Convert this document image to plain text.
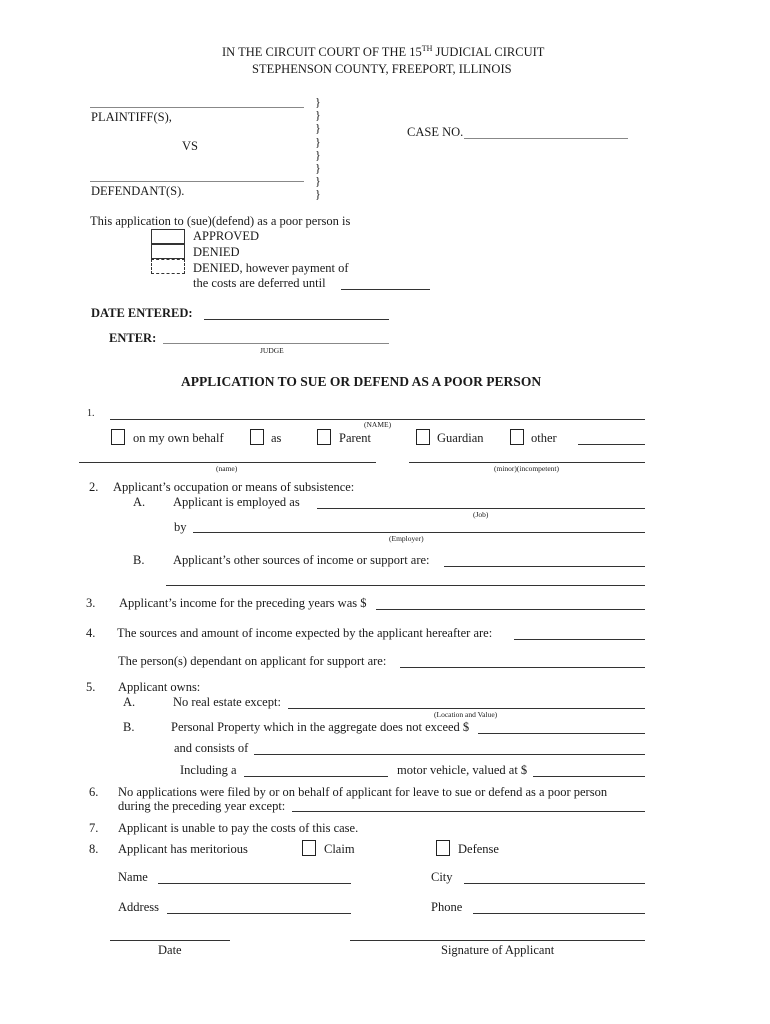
IN THE CIRCUIT COURT OF THE 15TH JUDICIAL CIRCUIT
STEPHENSON COUNTY, FREEPORT, ILLINOIS
PLAINTIFF(S),
VS
DEFENDANT(S).
}
}
}
}
}
}
}
}
CASE NO.
This application to (sue)(defend) as a poor person is
APPROVED
DENIED
DENIED, however payment of
the costs are deferred until
DATE ENTERED:
ENTER:
JUDGE
APPLICATION TO SUE OR DEFEND AS A POOR PERSON
1.
(NAME)
on my own behalf	as	Parent	Guardian	other
(name)	(minor)(incompetent)
2. Applicant’s occupation or means of subsistence:
A. Applicant is employed as
(Job)
by
(Employer)
B. Applicant’s other sources of income or support are:
3. Applicant’s income for the preceding years was $
4. The sources and amount of income expected by the applicant hereafter are:
The person(s) dependant on applicant for support are:
5. Applicant owns:
A.	No real estate except:
(Location and Value)
B.	Personal Property which in the aggregate does not exceed $
and consists of
Including a	motor vehicle, valued at $
6. No applications were filed by or on behalf of applicant for leave to sue or defend as a poor person
during the preceding year except:
7. Applicant is unable to pay the costs of this case.
8. Applicant has meritorious	Claim	Defense
Name	City
Address	Phone
Date	Signature of Applicant
